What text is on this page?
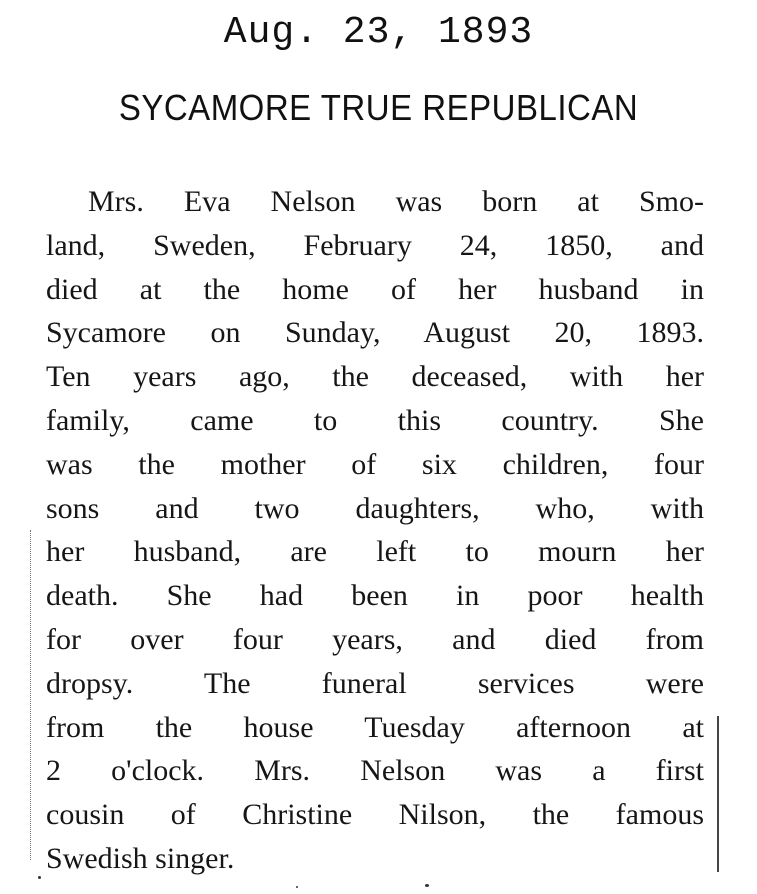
Aug. 23, 1893
SYCAMORE TRUE REPUBLICAN
Mrs. Eva Nelson was born at Smo-
land, Sweden, February 24, 1850, and
died at the home of her husband in
Sycamore on Sunday, August 20, 1893.
Ten years ago, the deceased, with her
family, came to this country. She
was the mother of six children, four
sons and two daughters, who, with
her husband, are left to mourn her
death. She had been in poor health
for over four years, and died from
dropsy. The funeral services were
from the house Tuesday afternoon at
2 o'clock. Mrs. Nelson was a first
cousin of Christine Nilson, the famous
Swedish singer.
